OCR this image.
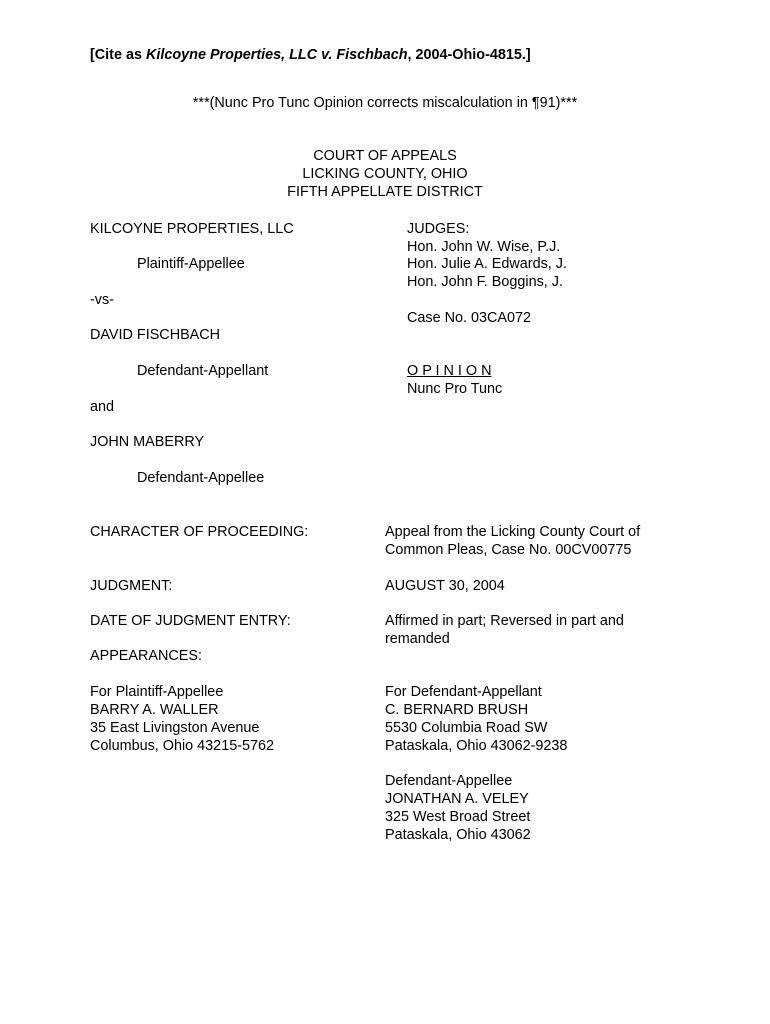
[Cite as Kilcoyne Properties, LLC v. Fischbach, 2004-Ohio-4815.]

***(Nunc Pro Tunc Opinion corrects miscalculation in ¶91)***

COURT OF APPEALS

LICKING COUNTY, OHIO

FIFTH APPELLATE DISTRICT

KILCOYNE PROPERTIES, LLC

Plaintiff-Appellee

-vs-

DAVID FISCHBACH

Defendant-Appellant

and

JOHN MABERRY

Defendant-Appellee

JUDGES:

Hon. John W. Wise, P.J.

Hon. Julie A. Edwards, J.

Hon. John F. Boggins, J.

Case No. 03CA072

O P I N I O N

Nunc Pro Tunc

CHARACTER OF PROCEEDING:	Appeal from the Licking County Court of

Common Pleas, Case No. 00CV00775

JUDGMENT:	AUGUST 30, 2004

DATE OF JUDGMENT ENTRY:	Affirmed in part; Reversed in part and

remanded

APPEARANCES:

For Plaintiff-Appellee
BARRY A. WALLER
35 East Livingston Avenue
Columbus, Ohio 43215-5762
For Defendant-Appellant
C. BERNARD BRUSH
5530 Columbia Road SW
Pataskala, Ohio 43062-9238
Defendant-Appellee
JONATHAN A. VELEY
325 West Broad Street
Pataskala, Ohio 43062
